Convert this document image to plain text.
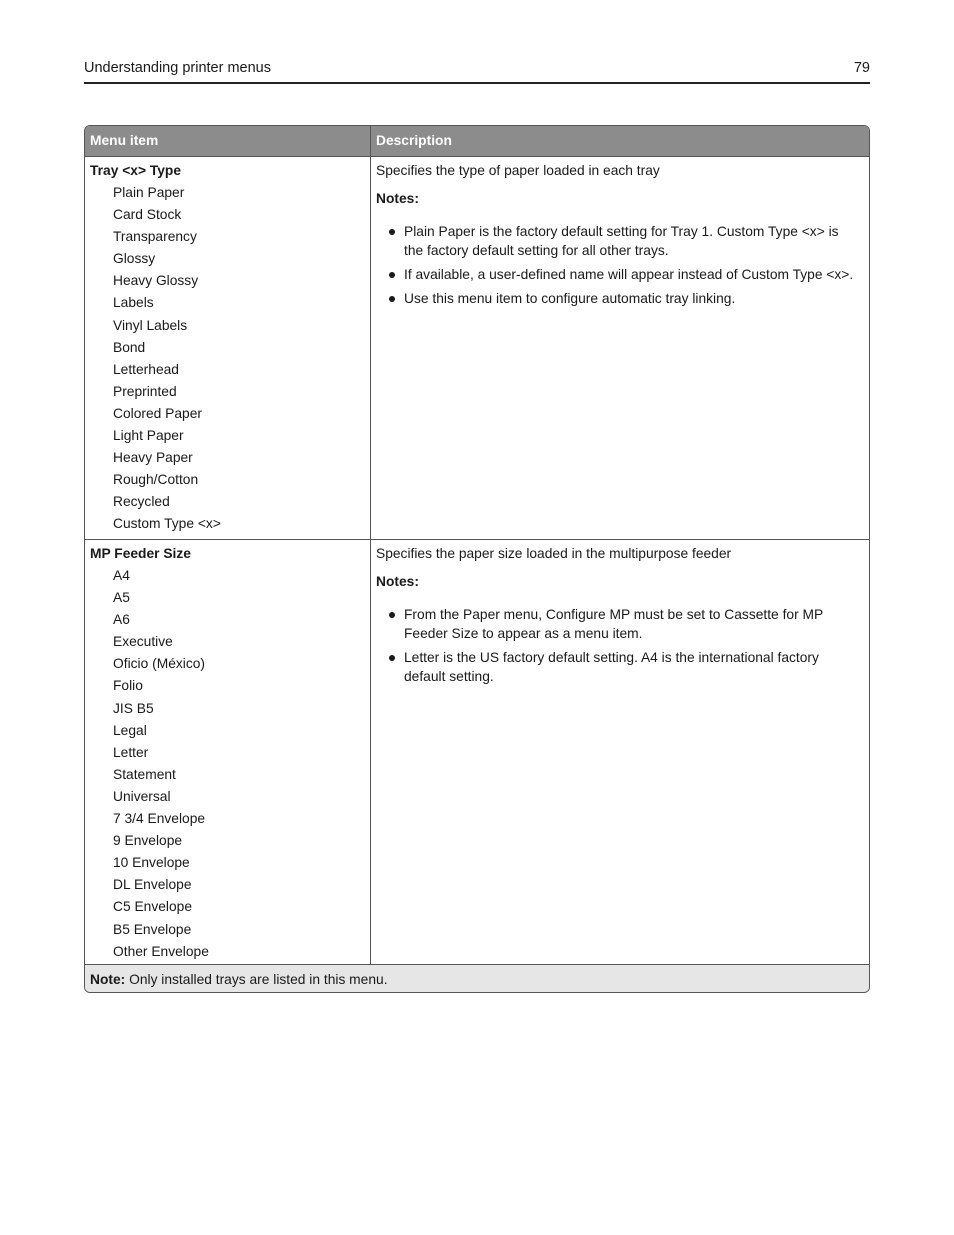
Understanding printer menus	79
Menu item	Description
Tray <x> Type
Plain Paper
Card Stock
Transparency
Glossy
Heavy Glossy
Labels
Vinyl Labels
Bond
Letterhead
Preprinted
Colored Paper
Light Paper
Heavy Paper
Rough/Cotton
Recycled
Custom Type <x>
Specifies the type of paper loaded in each tray
Notes:
Plain Paper is the factory default setting for Tray 1. Custom Type <x> is the factory default setting for all other trays.
If available, a user-defined name will appear instead of Custom Type <x>.
Use this menu item to configure automatic tray linking.
MP Feeder Size
A4
A5
A6
Executive
Oficio (México)
Folio
JIS B5
Legal
Letter
Statement
Universal
7 3/4 Envelope
9 Envelope
10 Envelope
DL Envelope
C5 Envelope
B5 Envelope
Other Envelope
Specifies the paper size loaded in the multipurpose feeder
Notes:
From the Paper menu, Configure MP must be set to Cassette for MP Feeder Size to appear as a menu item.
Letter is the US factory default setting. A4 is the international factory default setting.
Note: Only installed trays are listed in this menu.
